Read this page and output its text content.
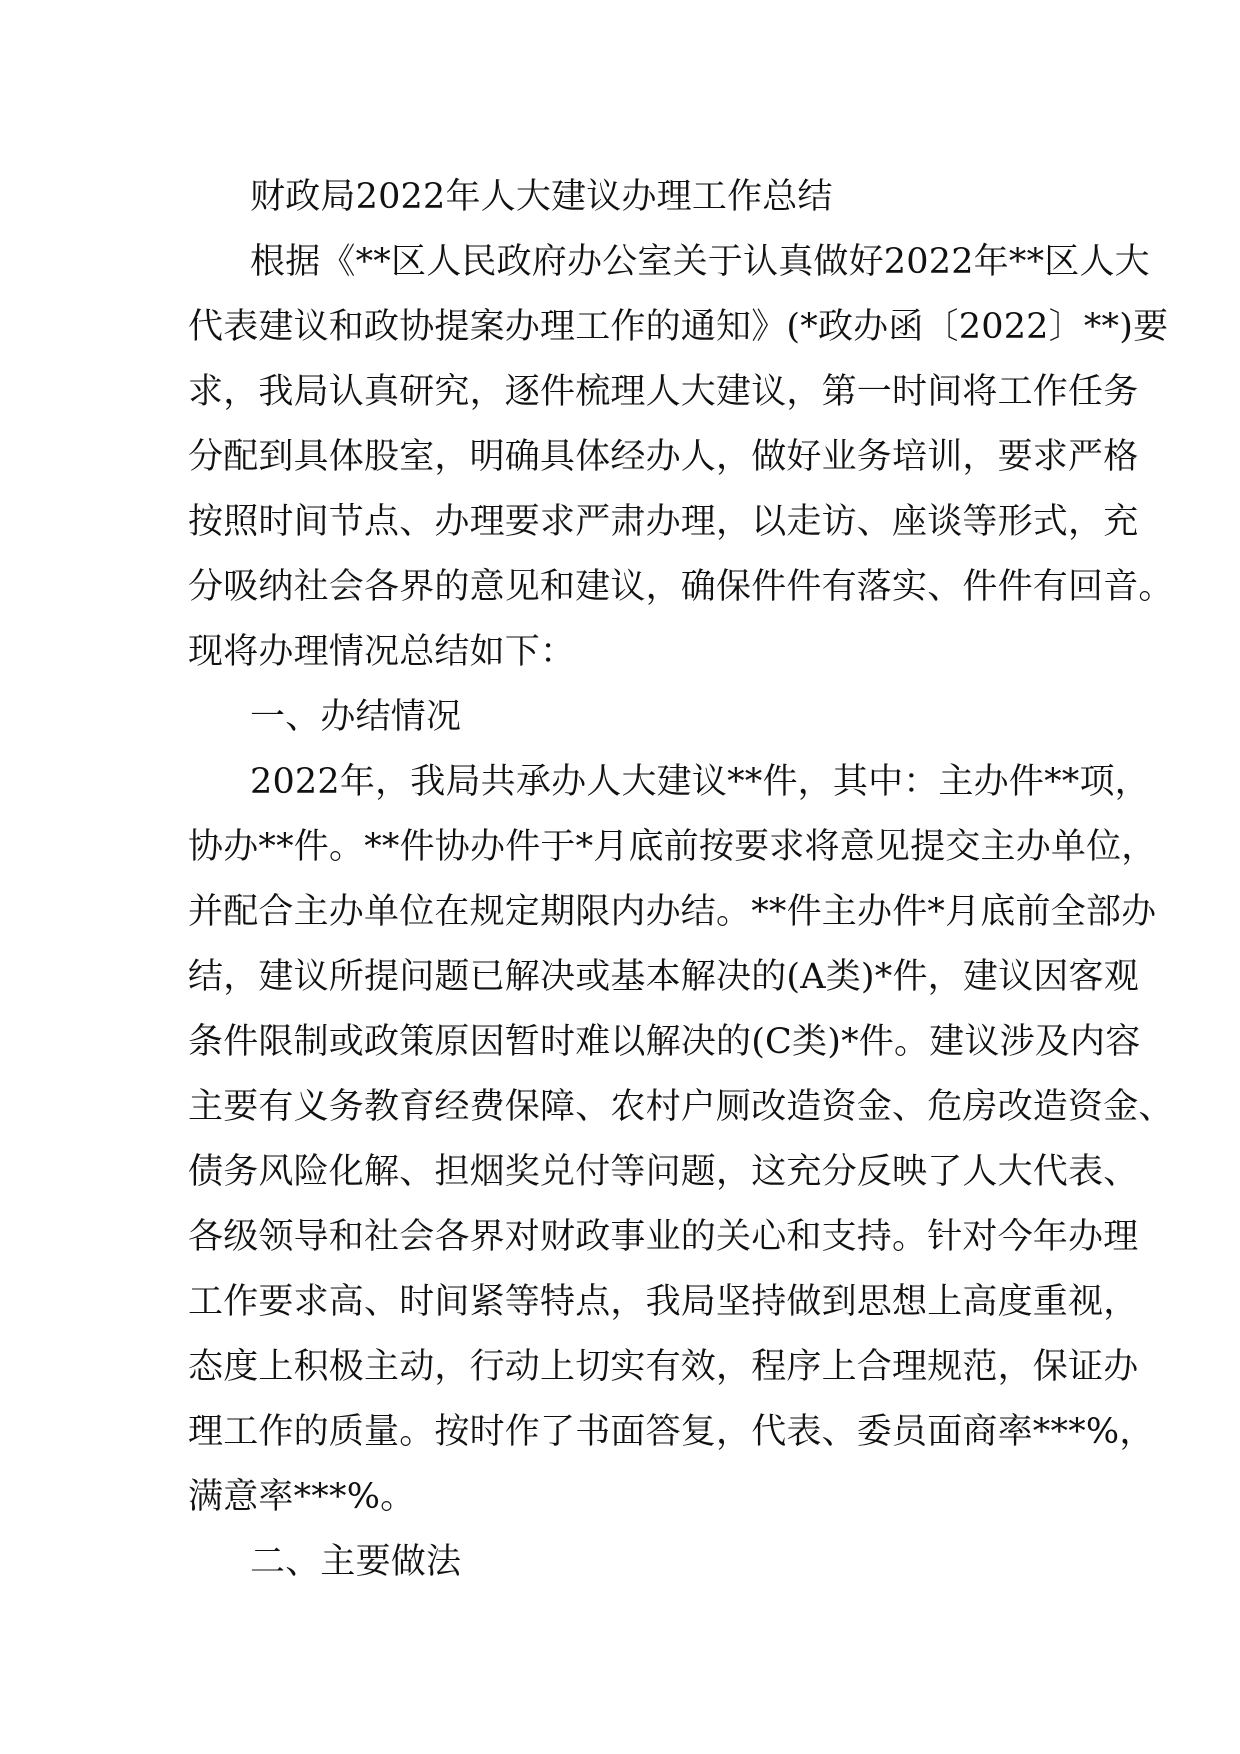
财政局2022年人大建议办理工作总结
根据《**区人民政府办公室关于认真做好2022年**区人大
代表建议和政协提案办理工作的通知》(*政办函〔2022〕**)要
求，我局认真研究，逐件梳理人大建议，第一时间将工作任务
分配到具体股室，明确具体经办人，做好业务培训，要求严格
按照时间节点、办理要求严肃办理，以走访、座谈等形式，充
分吸纳社会各界的意见和建议，确保件件有落实、件件有回音。
现将办理情况总结如下：
一、办结情况
2022年，我局共承办人大建议**件，其中：主办件**项，
协办**件。**件协办件于*月底前按要求将意见提交主办单位，
并配合主办单位在规定期限内办结。**件主办件*月底前全部办
结，建议所提问题已解决或基本解决的(A类)*件，建议因客观
条件限制或政策原因暂时难以解决的(C类)*件。建议涉及内容
主要有义务教育经费保障、农村户厕改造资金、危房改造资金、
债务风险化解、担烟奖兑付等问题，这充分反映了人大代表、
各级领导和社会各界对财政事业的关心和支持。针对今年办理
工作要求高、时间紧等特点，我局坚持做到思想上高度重视，
态度上积极主动，行动上切实有效，程序上合理规范，保证办
理工作的质量。按时作了书面答复，代表、委员面商率***%，
满意率***%。
二、主要做法
